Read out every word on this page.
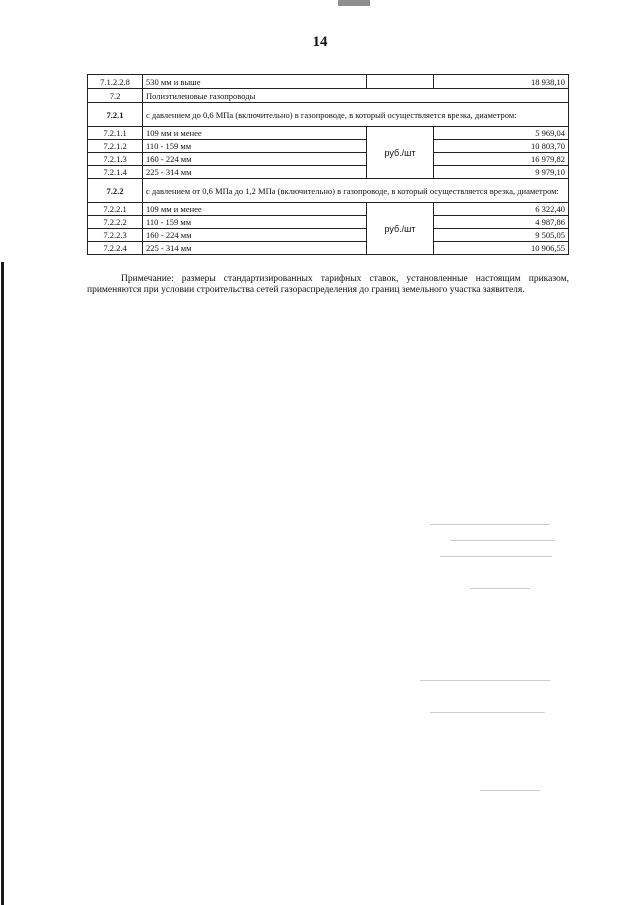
14
7.1.2.2.8	530 мм и выше		18 938,10
7.2	Полиэтиленовые газопроводы		
7.2.1	с давлением до 0,6 МПа (включительно) в газопроводе, в который осуществляется врезка, диаметром:		
7.2.1.1	109 мм и менее	руб./шт	5 969,04
7.2.1.2	110 - 159 мм		10 803,70
7.2.1.3	160 - 224 мм		16 979,82
7.2.1.4	225 - 314 мм		9 979,10
7.2.2	с давлением от 0,6 МПа до 1,2 МПа (включительно) в газопроводе, в который осуществляется врезка, диаметром:		
7.2.2.1	109 мм и менее	руб./шт	6 322,40
7.2.2.2	110 - 159 мм		4 987,86
7.2.2.3	160 - 224 мм		9 505,05
7.2.2.4	225 - 314 мм		10 906,55

Примечание: размеры стандартизированных тарифных ставок, установленные настоящим приказом, применяются при условии строительства сетей газораспределения до границ земельного участка заявителя.
